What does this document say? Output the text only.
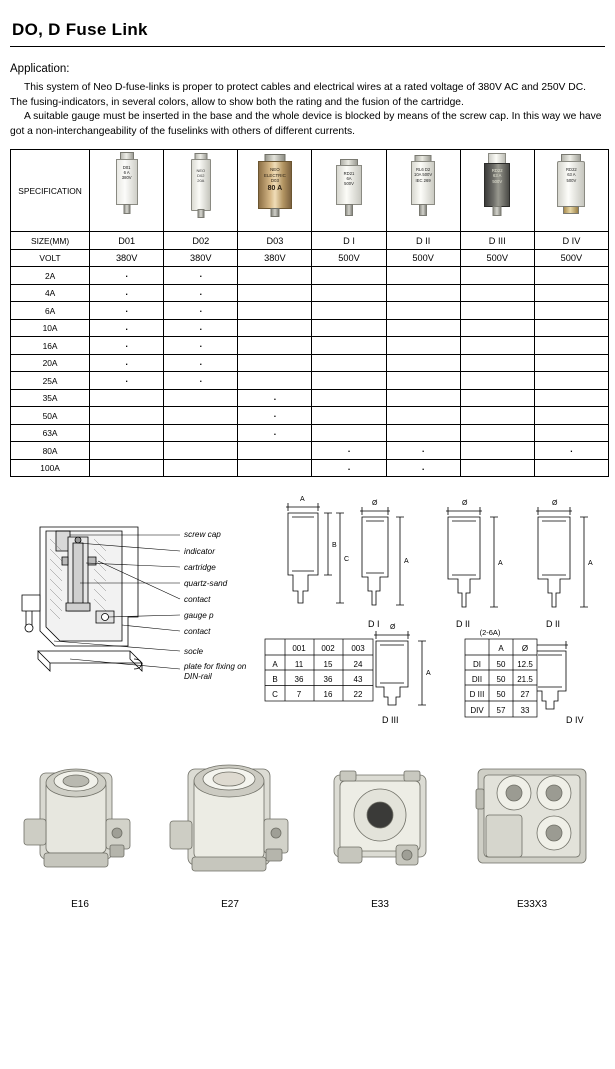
DO, D Fuse Link
Application:

This system of Neo D-fuse-links is proper to protect cables and electrical wires at a rated voltage of 380V AC and 250V DC. The fusing-indicators, in several colors, allow to show both the rating and the fusion of the cartridge.

A suitable gauge must be inserted in the base and the whole device is blocked by means of the screw cap. In this way we have got a non-interchangeability of the fuselinks with others of different currents.

SPECIFICATION	D01
6 A
380V	NEO
D02
20A	NEO ELECTRIC
D03
80 A	RD21
6A
500V	RL6 D2
10A 500V
IEC 269	RD22
63 A
500V	RD22
63 A
500V

SIZE(MM)	D01	D02	D03	D I	D II	D III	D IV
VOLT	380V	380V	380V	500V	500V	500V	500V
2A	·	·					
4A	·	·					
6A	·	·					
10A	·	·					
16A	·	·					
20A	·	·					
25A	·	·					
35A			·				
50A			·				
63A			·				
80A				·	·		·
100A				·	·		
screw cap
indicator
cartridge
quartz-sand
contact
gauge p
contact
socle
plate for fixing on
DIN-rail
A
B
C
Ø
A
D I
Ø
A
D II
Ø
A
D II
Ø
A
D III	D IV
001 002 003
A 11	15	24
B 36	36	43
C 7	16	22
(2-6A)
A Ø
DI 50 12.5
DII 50 21.5
D III 50 27
DIV 57 33
E16	E27	E33	E33X3
